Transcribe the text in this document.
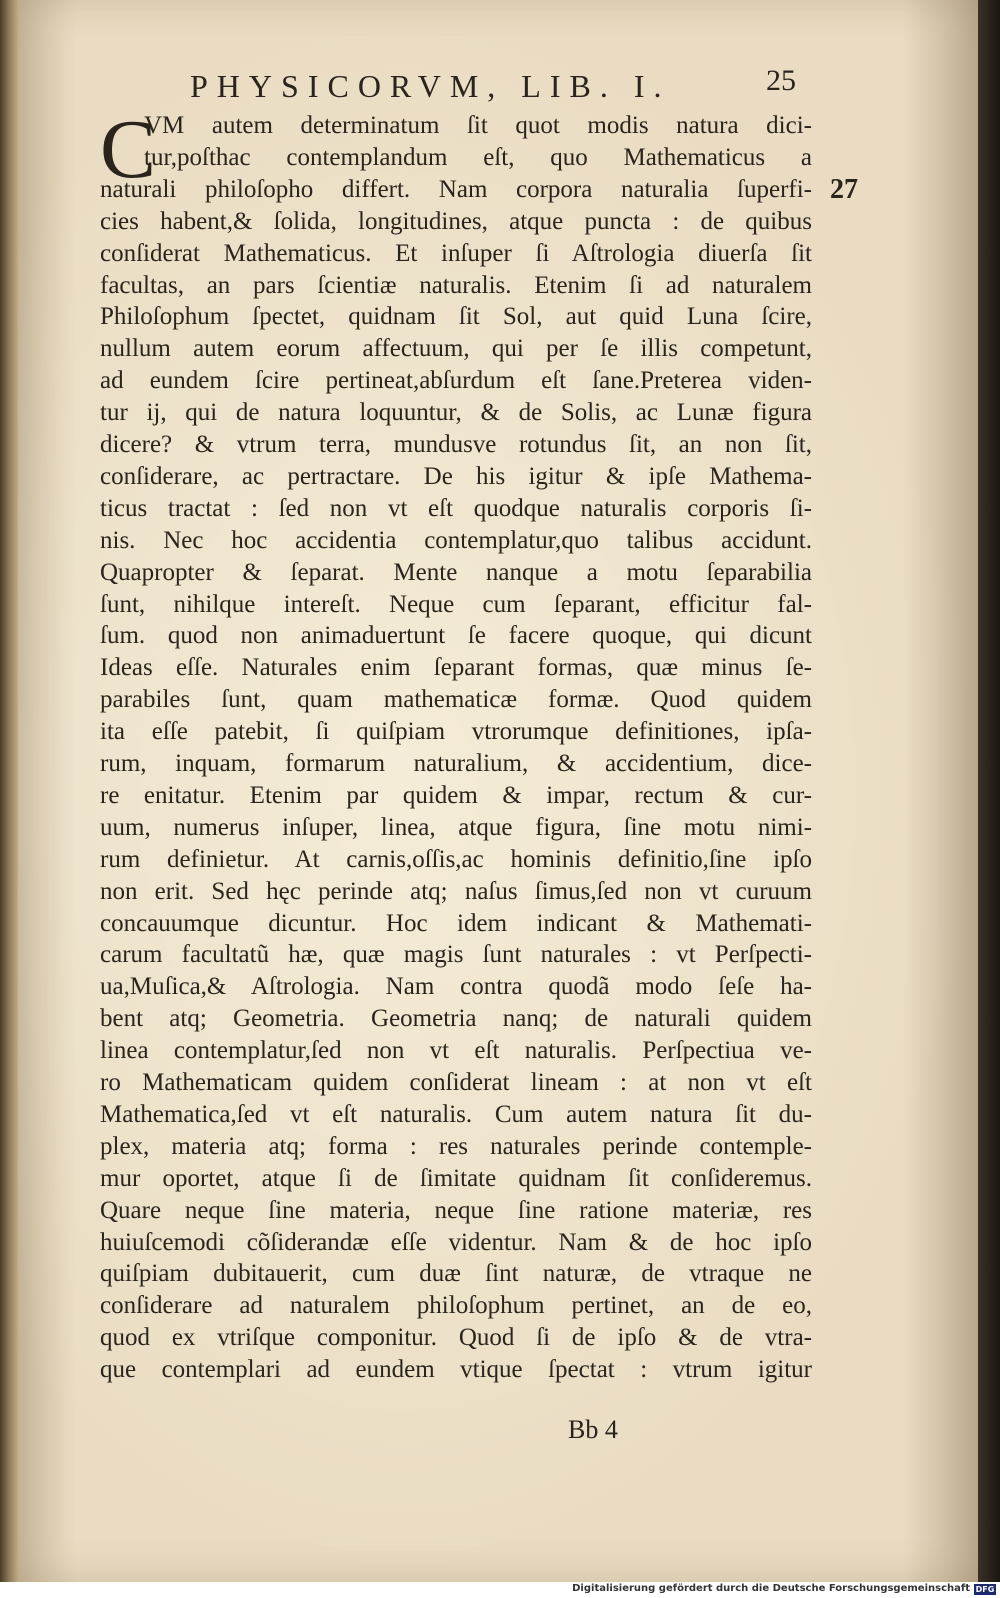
PHYSICORVM, LIB. I.	25
27
C
VM autem determinatum ſit quot modis natura dici-
tur,poſthac contemplandum eſt, quo Mathematicus a
naturali philoſopho differt. Nam corpora naturalia ſuperfi-
cies habent,& ſolida, longitudines, atque puncta : de quibus
conſiderat Mathematicus. Et inſuper ſi Aſtrologia diuerſa ſit
facultas, an pars ſcientiæ naturalis. Etenim ſi ad naturalem
Philoſophum ſpectet, quidnam ſit Sol, aut quid Luna ſcire,
nullum autem eorum affectuum, qui per ſe illis competunt,
ad eundem ſcire pertineat,abſurdum eſt ſane.Preterea viden-
tur ij, qui de natura loquuntur, & de Solis, ac Lunæ figura
dicere? & vtrum terra, mundusve rotundus ſit, an non ſit,
conſiderare, ac pertractare. De his igitur & ipſe Mathema-
ticus tractat : ſed non vt eſt quodque naturalis corporis ſi-
nis. Nec hoc accidentia contemplatur,quo talibus accidunt.
Quapropter & ſeparat. Mente nanque a motu ſeparabilia
ſunt, nihilque intereſt. Neque cum ſeparant, efficitur fal-
ſum. quod non animaduertunt ſe facere quoque, qui dicunt
Ideas eſſe. Naturales enim ſeparant formas, quæ minus ſe-
parabiles ſunt, quam mathematicæ formæ. Quod quidem
ita eſſe patebit, ſi quiſpiam vtrorumque definitiones, ipſa-
rum, inquam, formarum naturalium, & accidentium, dice-
re enitatur. Etenim par quidem & impar, rectum & cur-
uum, numerus inſuper, linea, atque figura, ſine motu nimi-
rum definietur. At carnis,oſſis,ac hominis definitio,ſine ipſo
non erit. Sed hęc perinde atq; naſus ſimus,ſed non vt curuum
concauumque dicuntur. Hoc idem indicant & Mathemati-
carum facultatũ hæ, quæ magis ſunt naturales : vt Perſpecti-
ua,Muſica,& Aſtrologia. Nam contra quodã modo ſeſe ha-
bent atq; Geometria. Geometria nanq; de naturali quidem
linea contemplatur,ſed non vt eſt naturalis. Perſpectiua ve-
ro Mathematicam quidem conſiderat lineam : at non vt eſt
Mathematica,ſed vt eſt naturalis. Cum autem natura ſit du-
plex, materia atq; forma : res naturales perinde contemple-
mur oportet, atque ſi de ſimitate quidnam ſit conſideremus.
Quare neque ſine materia, neque ſine ratione materiæ, res
huiuſcemodi cõſiderandæ eſſe videntur. Nam & de hoc ipſo
quiſpiam dubitauerit, cum duæ ſint naturæ, de vtraque ne
conſiderare ad naturalem philoſophum pertinet, an de eo,
quod ex vtriſque componitur. Quod ſi de ipſo & de vtra-
que contemplari ad eundem vtique ſpectat : vtrum igitur
Bb 4
Digitalisierung gefördert durch die Deutsche Forschungsgemeinschaft DFG
